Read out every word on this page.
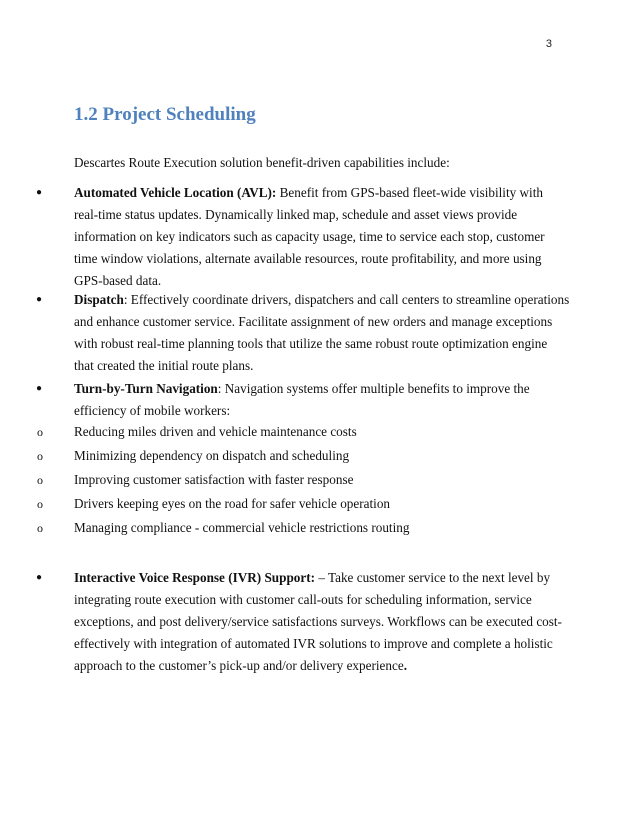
3
1.2 Project Scheduling

Descartes Route Execution solution benefit-driven capabilities include:

● Automated Vehicle Location (AVL): Benefit from GPS-based fleet-wide visibility with real-time status updates. Dynamically linked map, schedule and asset views provide information on key indicators such as capacity usage, time to service each stop, customer time window violations, alternate available resources, route profitability, and more using GPS-based data.

● Dispatch: Effectively coordinate drivers, dispatchers and call centers to streamline operations and enhance customer service. Facilitate assignment of new orders and manage exceptions with robust real-time planning tools that utilize the same robust route optimization engine that created the initial route plans.

● Turn-by-Turn Navigation: Navigation systems offer multiple benefits to improve the efficiency of mobile workers:

o Reducing miles driven and vehicle maintenance costs

o Minimizing dependency on dispatch and scheduling

o Improving customer satisfaction with faster response

o Drivers keeping eyes on the road for safer vehicle operation

o Managing compliance - commercial vehicle restrictions routing

● Interactive Voice Response (IVR) Support: – Take customer service to the next level by integrating route execution with customer call-outs for scheduling information, service exceptions, and post delivery/service satisfactions surveys. Workflows can be executed cost-effectively with integration of automated IVR solutions to improve and complete a holistic approach to the customer’s pick-up and/or delivery experience.
